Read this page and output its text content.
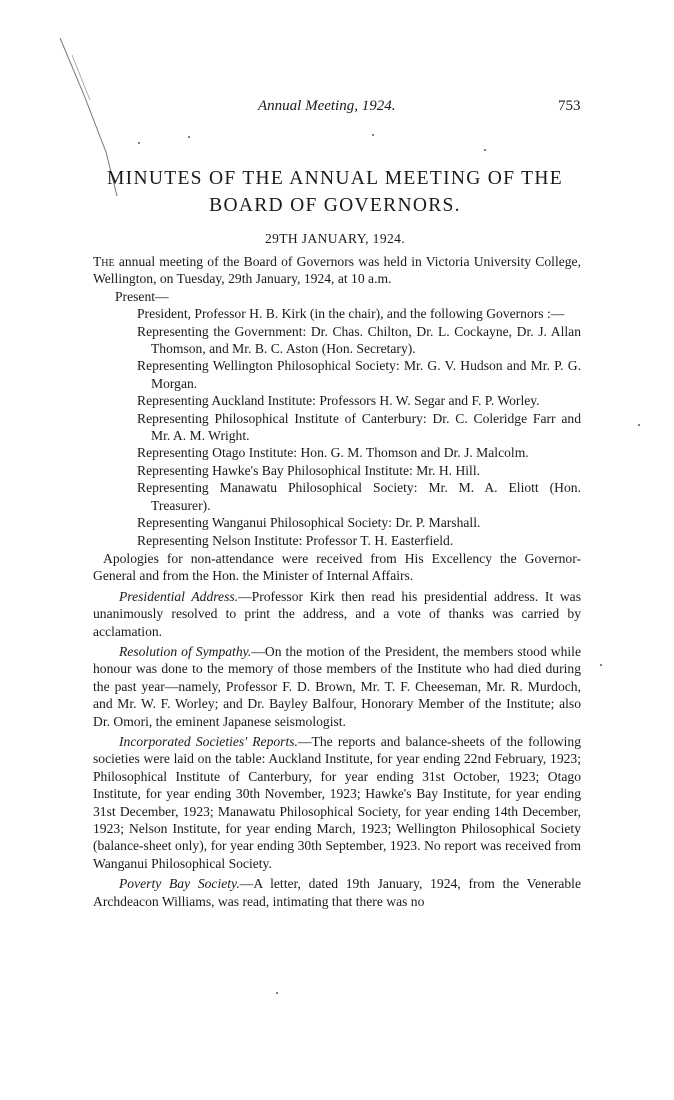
Annual Meeting, 1924.	753
MINUTES OF THE ANNUAL MEETING OF THE
BOARD OF GOVERNORS.
29TH JANUARY, 1924.

The annual meeting of the Board of Governors was held in Victoria University College, Wellington, on Tuesday, 29th January, 1924, at 10 a.m.

Present—

President, Professor H. B. Kirk (in the chair), and the following Governors :—

Representing the Government: Dr. Chas. Chilton, Dr. L. Cockayne, Dr. J. Allan Thomson, and Mr. B. C. Aston (Hon. Secretary).

Representing Wellington Philosophical Society: Mr. G. V. Hudson and Mr. P. G. Morgan.

Representing Auckland Institute: Professors H. W. Segar and F. P. Worley.

Representing Philosophical Institute of Canterbury: Dr. C. Coleridge Farr and Mr. A. M. Wright.

Representing Otago Institute: Hon. G. M. Thomson and Dr. J. Malcolm.

Representing Hawke's Bay Philosophical Institute: Mr. H. Hill.

Representing Manawatu Philosophical Society: Mr. M. A. Eliott (Hon. Treasurer).

Representing Wanganui Philosophical Society: Dr. P. Marshall.

Representing Nelson Institute: Professor T. H. Easterfield.

Apologies for non-attendance were received from His Excellency the Governor-General and from the Hon. the Minister of Internal Affairs.

Presidential Address.—Professor Kirk then read his presidential address. It was unanimously resolved to print the address, and a vote of thanks was carried by acclamation.

Resolution of Sympathy.—On the motion of the President, the members stood while honour was done to the memory of those members of the Institute who had died during the past year—namely, Professor F. D. Brown, Mr. T. F. Cheeseman, Mr. R. Murdoch, and Mr. W. F. Worley; and Dr. Bayley Balfour, Honorary Member of the Institute; also Dr. Omori, the eminent Japanese seismologist.

Incorporated Societies' Reports.—The reports and balance-sheets of the following societies were laid on the table: Auckland Institute, for year ending 22nd February, 1923; Philosophical Institute of Canterbury, for year ending 31st October, 1923; Otago Institute, for year ending 30th November, 1923; Hawke's Bay Institute, for year ending 31st December, 1923; Manawatu Philosophical Society, for year ending 14th December, 1923; Nelson Institute, for year ending March, 1923; Wellington Philosophical Society (balance-sheet only), for year ending 30th September, 1923. No report was received from Wanganui Philosophical Society.

Poverty Bay Society.—A letter, dated 19th January, 1924, from the Venerable Archdeacon Williams, was read, intimating that there was no
